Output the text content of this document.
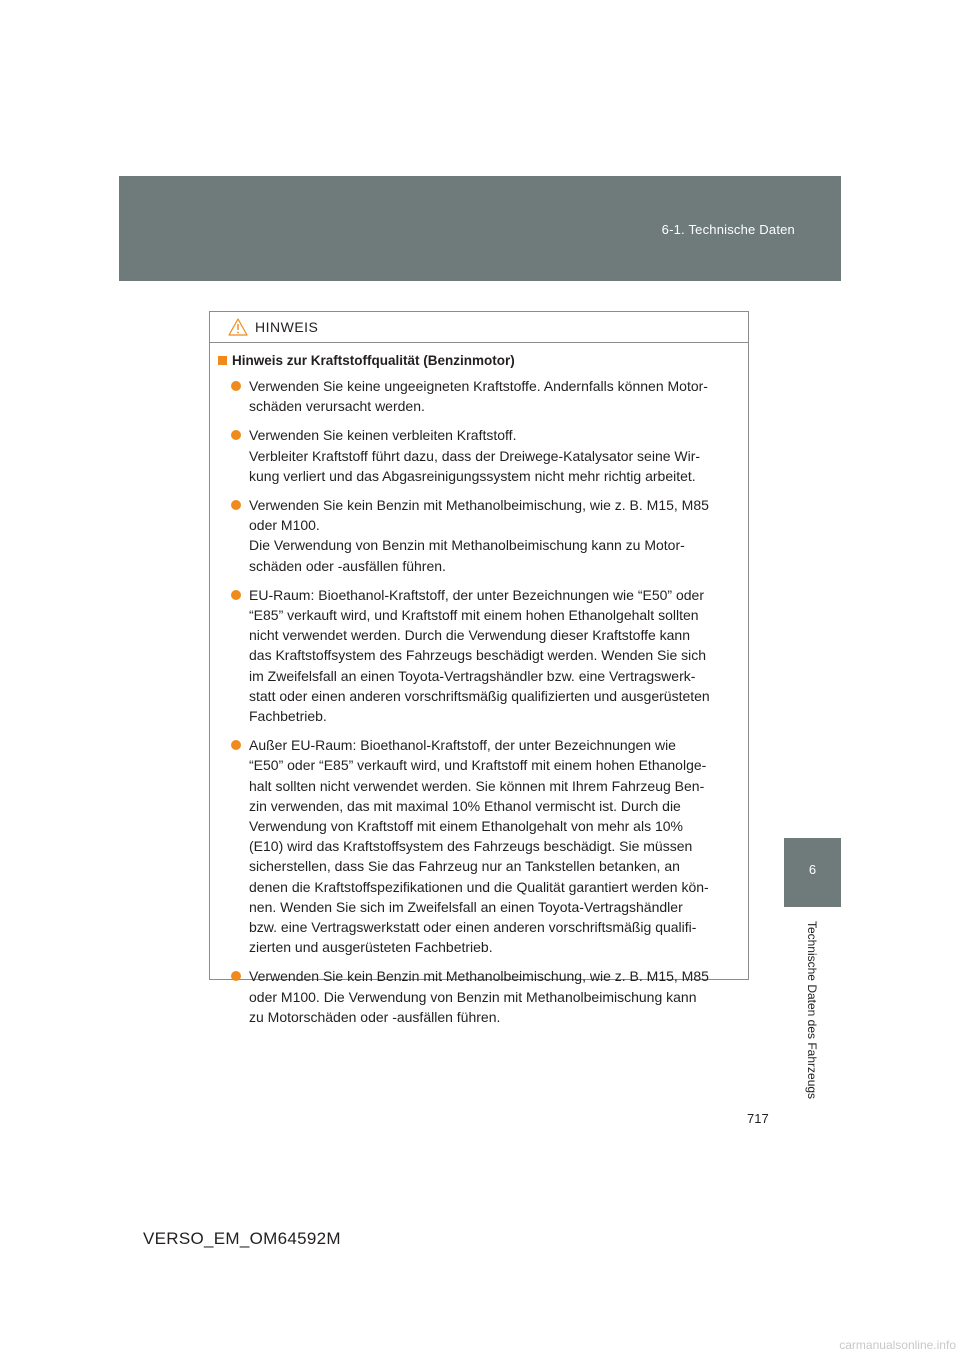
6-1. Technische Daten
6
Technische Daten des Fahrzeugs
HINWEIS
Hinweis zur Kraftstoffqualität (Benzinmotor)
Verwenden Sie keine ungeeigneten Kraftstoffe. Andernfalls können Motor-
schäden verursacht werden.
Verwenden Sie keinen verbleiten Kraftstoff.
Verbleiter Kraftstoff führt dazu, dass der Dreiwege-Katalysator seine Wir-
kung verliert und das Abgasreinigungssystem nicht mehr richtig arbeitet.
Verwenden Sie kein Benzin mit Methanolbeimischung, wie z. B. M15, M85
oder M100.
Die Verwendung von Benzin mit Methanolbeimischung kann zu Motor-
schäden oder -ausfällen führen.
EU-Raum: Bioethanol-Kraftstoff, der unter Bezeichnungen wie “E50” oder
“E85” verkauft wird, und Kraftstoff mit einem hohen Ethanolgehalt sollten
nicht verwendet werden. Durch die Verwendung dieser Kraftstoffe kann
das Kraftstoffsystem des Fahrzeugs beschädigt werden. Wenden Sie sich
im Zweifelsfall an einen Toyota-Vertragshändler bzw. eine Vertragswerk-
statt oder einen anderen vorschriftsmäßig qualifizierten und ausgerüsteten
Fachbetrieb.
Außer EU-Raum: Bioethanol-Kraftstoff, der unter Bezeichnungen wie
“E50” oder “E85” verkauft wird, und Kraftstoff mit einem hohen Ethanolge-
halt sollten nicht verwendet werden. Sie können mit Ihrem Fahrzeug Ben-
zin verwenden, das mit maximal 10% Ethanol vermischt ist. Durch die
Verwendung von Kraftstoff mit einem Ethanolgehalt von mehr als 10%
(E10) wird das Kraftstoffsystem des Fahrzeugs beschädigt. Sie müssen
sicherstellen, dass Sie das Fahrzeug nur an Tankstellen betanken, an
denen die Kraftstoffspezifikationen und die Qualität garantiert werden kön-
nen. Wenden Sie sich im Zweifelsfall an einen Toyota-Vertragshändler
bzw. eine Vertragswerkstatt oder einen anderen vorschriftsmäßig qualifi-
zierten und ausgerüsteten Fachbetrieb.
Verwenden Sie kein Benzin mit Methanolbeimischung, wie z. B. M15, M85
oder M100. Die Verwendung von Benzin mit Methanolbeimischung kann
zu Motorschäden oder -ausfällen führen.
717
VERSO_EM_OM64592M
carmanualsonline.info
